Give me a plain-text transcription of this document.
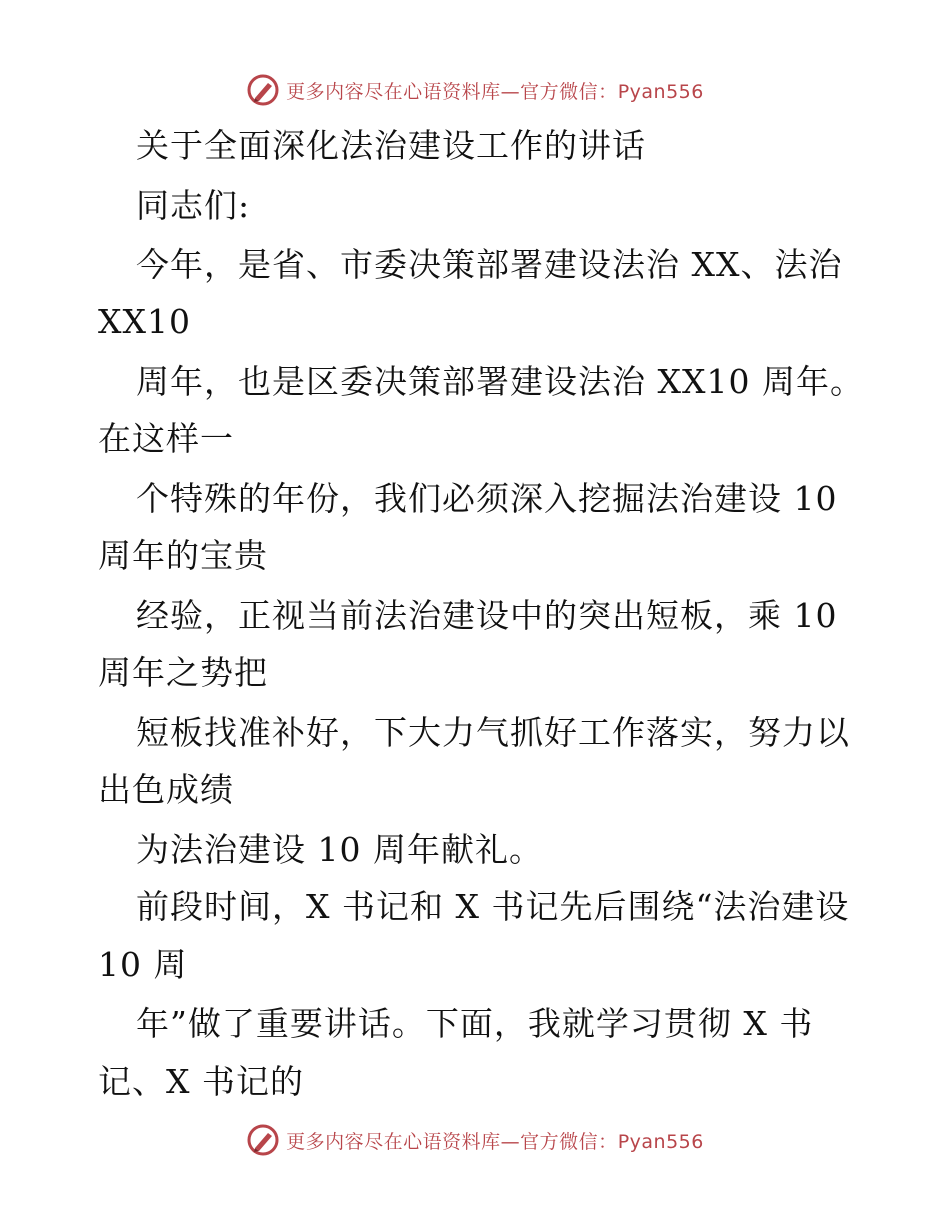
更多内容尽在心语资料库—官方微信：Pyan556
关于全面深化法治建设工作的讲话
同志们:
今年，是省、市委决策部署建设法治 XX、法治
XX10
周年，也是区委决策部署建设法治 XX10 周年。
在这样一
个特殊的年份，我们必须深入挖掘法治建设 10
周年的宝贵
经验，正视当前法治建设中的突出短板，乘 10
周年之势把
短板找准补好，下大力气抓好工作落实，努力以
出色成绩
为法治建设 10 周年献礼。
前段时间，X 书记和 X 书记先后围绕“法治建设
10 周
年”做了重要讲话。下面，我就学习贯彻 X 书
记、X 书记的
更多内容尽在心语资料库—官方微信：Pyan556
